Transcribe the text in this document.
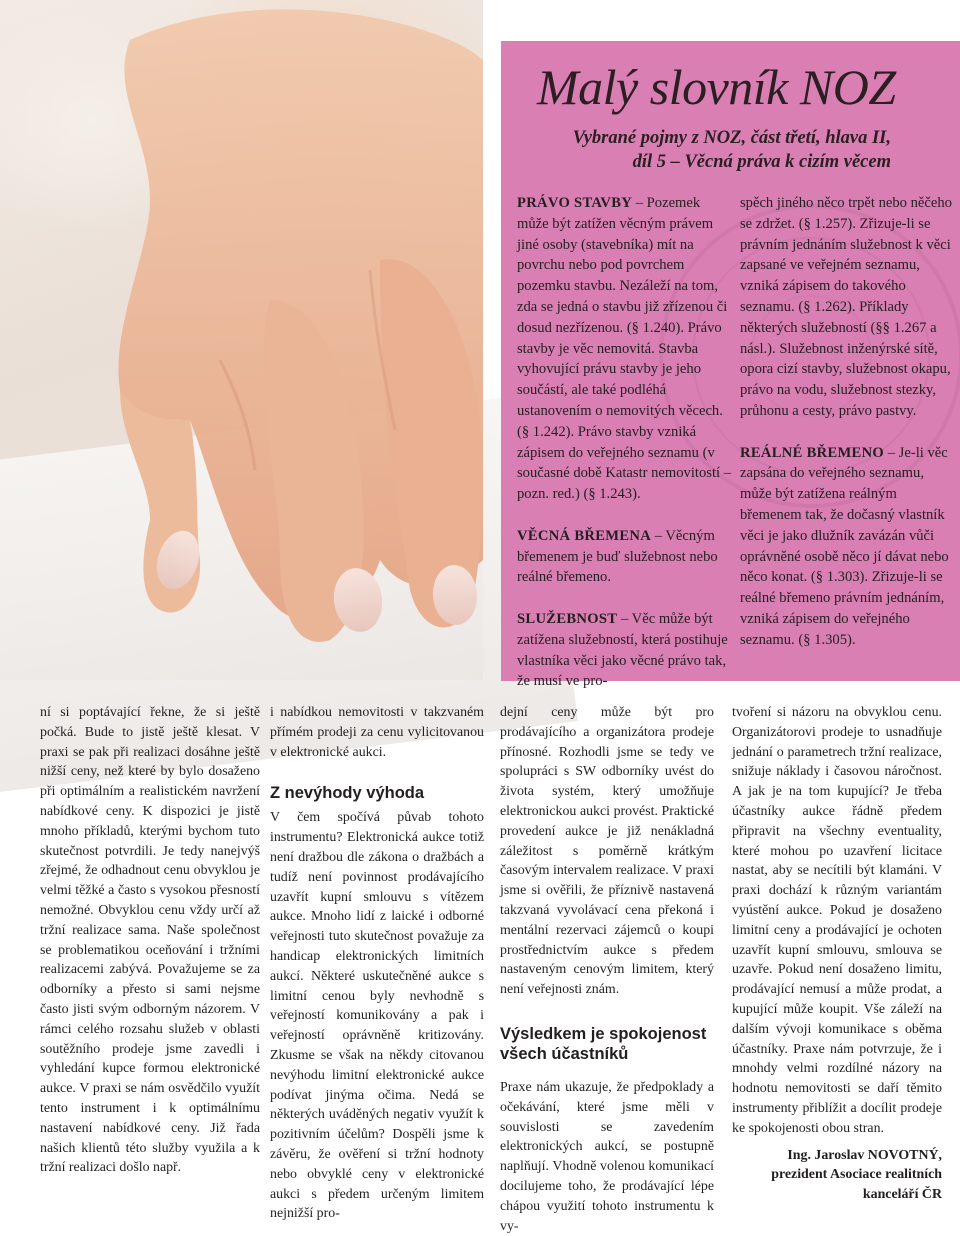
Malý slovník NOZ
Vybrané pojmy z NOZ, část třetí, hlava II,
díl 5 – Věcná práva k cizím věcem

PRÁVO STAVBY – Pozemek může být zatížen věcným právem jiné osoby (stavebníka) mít na povrchu nebo pod povrchem pozemku stavbu. Nezáleží na tom, zda se jedná o stavbu již zřízenou či dosud nezřízenou. (§ 1.240). Právo stavby je věc nemovitá. Stavba vyhovující právu stavby je jeho součástí, ale také podléhá ustanovením o nemovitých věcech. (§ 1.242). Právo stavby vzniká zápisem do veřejného seznamu (v současné době Katastr nemovitostí – pozn. red.) (§ 1.243).

VĚCNÁ BŘEMENA – Věcným břemenem je buď služebnost nebo reálné břemeno.

SLUŽEBNOST – Věc může být zatížena služebností, která postihuje vlastníka věci jako věcné právo tak, že musí ve pro-

spěch jiného něco trpět nebo něčeho se zdržet. (§ 1.257). Zřizuje-li se právním jednáním služebnost k věci zapsané ve veřejném seznamu, vzniká zápisem do takového seznamu. (§ 1.262). Příklady některých služebností (§§ 1.267 a násl.). Služebnost inženýrské sítě, opora cizí stavby, služebnost okapu, právo na vodu, služebnost stezky, průhonu a cesty, právo pastvy.

REÁLNÉ BŘEMENO – Je-li věc zapsána do veřejného seznamu, může být zatížena reálným břemenem tak, že dočasný vlastník věci je jako dlužník zavázán vůči oprávněné osobě něco jí dávat nebo něco konat. (§ 1.303). Zřizuje-li se reálné břemeno právním jednáním, vzniká zápisem do veřejného seznamu. (§ 1.305).

ní si poptávající řekne, že si ještě počká. Bude to jistě ještě klesat. V praxi se pak při realizaci dosáhne ještě nižší ceny, než které by bylo dosaženo při optimálním a realistickém navržení nabídkové ceny. K dispozici je jistě mnoho příkladů, kterými bychom tuto skutečnost potvrdili. Je tedy nanejvýš zřejmé, že odhadnout cenu obvyklou je velmi těžké a často s vysokou přesností nemožné. Obvyklou cenu vždy určí až tržní realizace sama. Naše společnost se problematikou oceňování i tržními realizacemi zabývá. Považujeme se za odborníky a přesto si sami nejsme často jisti svým odborným názorem. V rámci celého rozsahu služeb v oblasti soutěžního prodeje jsme zavedli i vyhledání kupce formou elektronické aukce. V praxi se nám osvědčilo využít tento instrument i k optimálnímu nastavení nabídkové ceny. Již řada našich klientů této služby využila a k tržní realizaci došlo např.

i nabídkou nemovitosti v takzvaném přímém prodeji za cenu vylicitovanou v elektronické aukci.

Z nevýhody výhoda

V čem spočívá půvab tohoto instrumentu? Elektronická aukce totiž není dražbou dle zákona o dražbách a tudíž není povinnost prodávajícího uzavřít kupní smlouvu s vítězem aukce. Mnoho lidí z laické i odborné veřejnosti tuto skutečnost považuje za handicap elektronických limitních aukcí. Některé uskutečněné aukce s limitní cenou byly nevhodně s veřejností komunikovány a pak i veřejností oprávněně kritizovány. Zkusme se však na někdy citovanou nevýhodu limitní elektronické aukce podívat jinýma očima. Nedá se některých uváděných negativ využít k pozitivním účelům? Dospěli jsme k závěru, že ověření si tržní hodnoty nebo obvyklé ceny v elektronické aukci s předem určeným limitem nejnižší pro-

dejní ceny může být pro prodávajícího a organizátora prodeje přínosné. Rozhodli jsme se tedy ve spolupráci s SW odborníky uvést do života systém, který umožňuje elektronickou aukci provést. Praktické provedení aukce je již nenákladná záležitost s poměrně krátkým časovým intervalem realizace. V praxi jsme si ověřili, že příznivě nastavená takzvaná vyvolávací cena překoná i mentální rezervaci zájemců o koupi prostřednictvím aukce s předem nastaveným cenovým limitem, který není veřejnosti znám.

Výsledkem je spokojenost všech účastníků

Praxe nám ukazuje, že předpoklady a očekávání, které jsme měli v souvislosti se zavedením elektronických aukcí, se postupně naplňují. Vhodně volenou komunikací docilujeme toho, že prodávající lépe chápou využití tohoto instrumentu k vy-

tvoření si názoru na obvyklou cenu. Organizátorovi prodeje to usnadňuje jednání o parametrech tržní realizace, snižuje náklady i časovou náročnost. A jak je na tom kupující? Je třeba účastníky aukce řádně předem připravit na všechny eventuality, které mohou po uzavření licitace nastat, aby se necítili být klamáni. V praxi dochází k různým variantám vyústění aukce. Pokud je dosaženo limitní ceny a prodávající je ochoten uzavřít kupní smlouvu, smlouva se uzavře. Pokud není dosaženo limitu, prodávající nemusí a může prodat, a kupující může koupit. Vše záleží na dalším vývoji komunikace s oběma účastníky. Praxe nám potvrzuje, že i mnohdy velmi rozdílné názory na hodnotu nemovitosti se daří těmito instrumenty přiblížit a docílit prodeje ke spokojenosti obou stran.

Ing. Jaroslav NOVOTNÝ,
prezident Asociace realitních
kanceláří ČR
